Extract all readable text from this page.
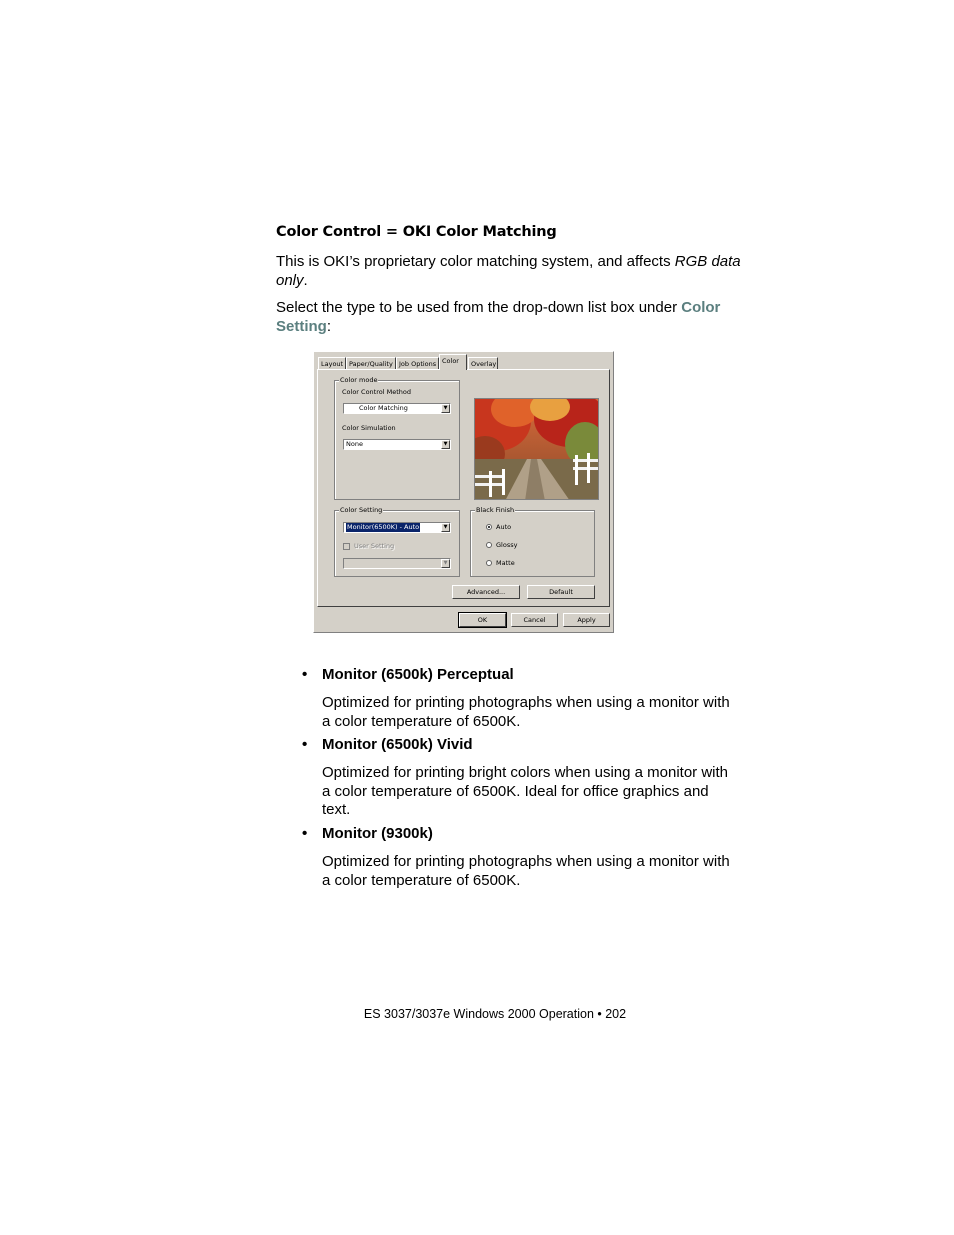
Color Control = OKI Color Matching
This is OKI’s proprietary color matching system, and affects RGB data only.
Select the type to be used from the drop-down list box under Color Setting:
Layout Paper/Quality Job Options Color	Overlay
Color mode
Color Control Method
Color Matching	▼
Color Simulation
None	▼
Color Setting
Monitor(6500K) - Auto	▼
User Setting
▼
Black Finish
Auto
Glossy
Matte
Advanced...	Default
OK	Cancel	Apply
• Monitor (6500k) Perceptual
Optimized for printing photographs when using a monitor with a color temperature of 6500K.
• Monitor (6500k) Vivid
Optimized for printing bright colors when using a monitor with a color temperature of 6500K. Ideal for office graphics and text.
• Monitor (9300k)
Optimized for printing photographs when using a monitor with a color temperature of 6500K.
ES 3037/3037e Windows 2000 Operation • 202
